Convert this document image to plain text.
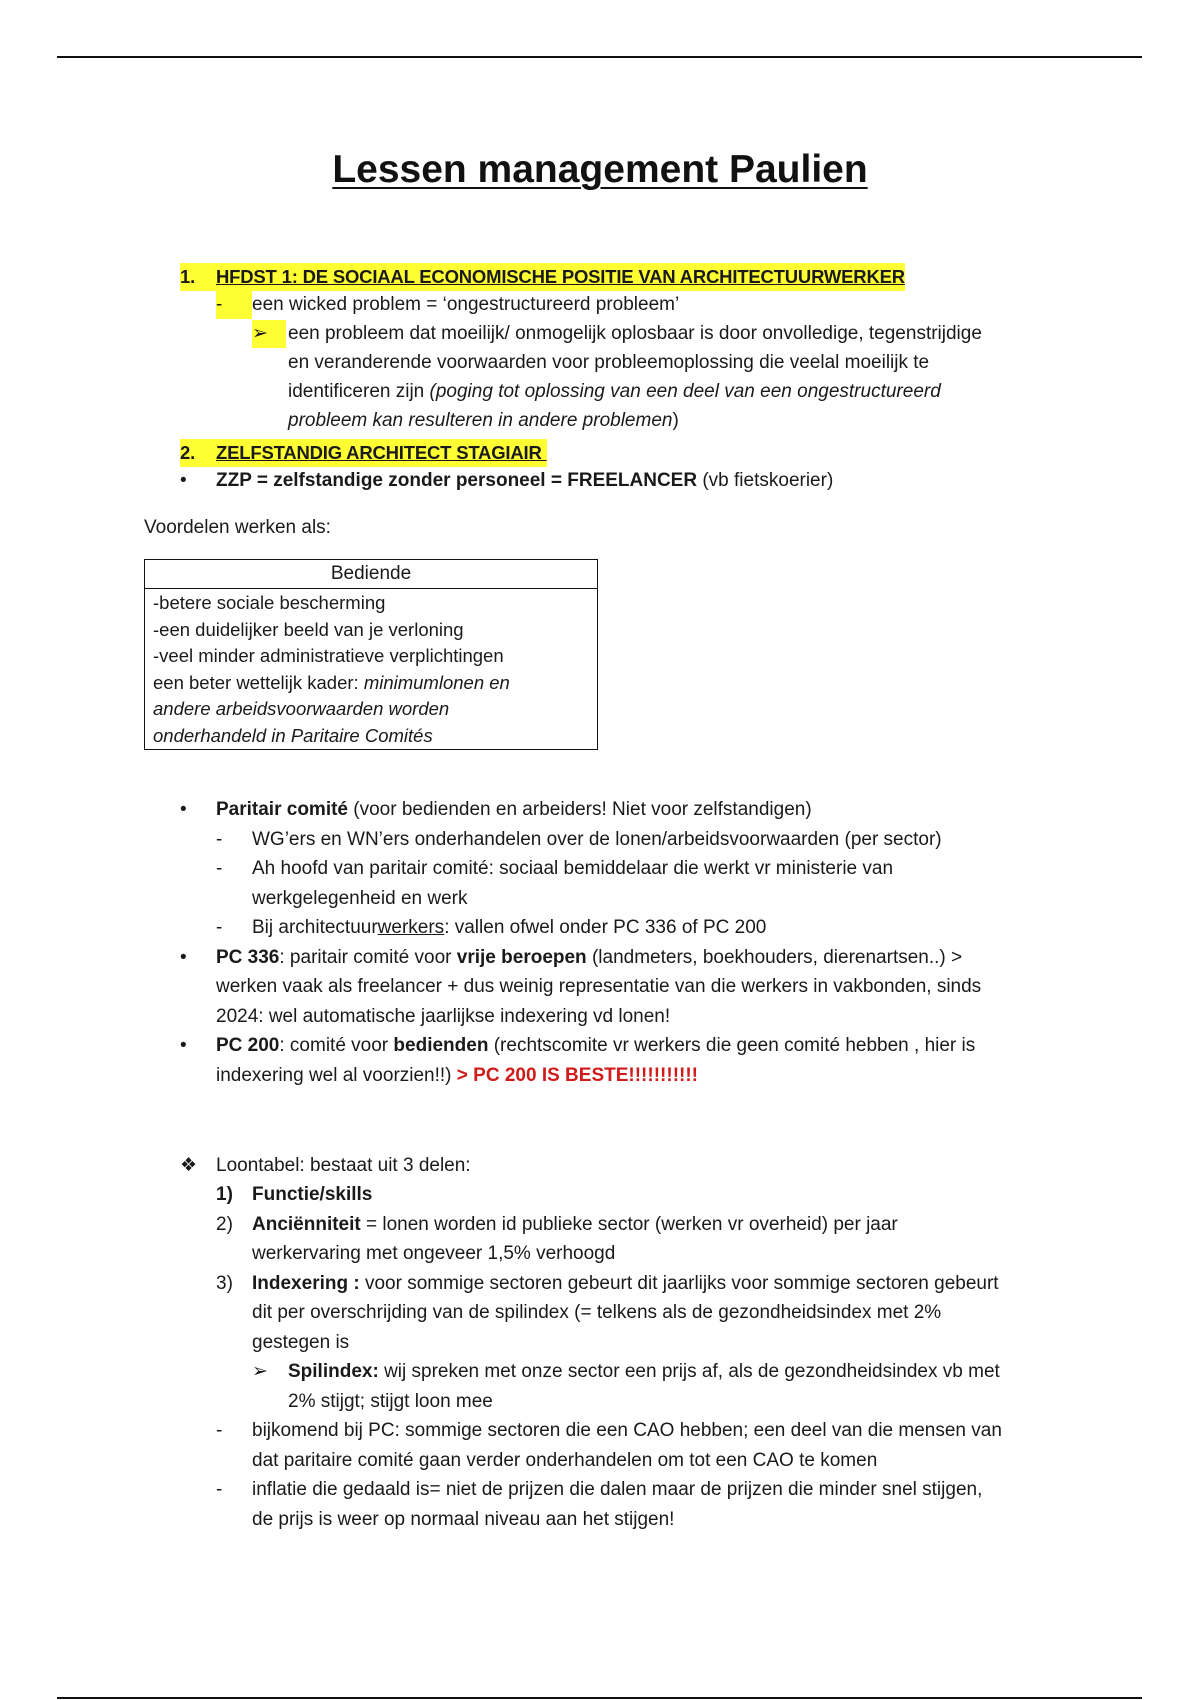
Lessen management Paulien
1. HFDST 1: DE SOCIAAL ECONOMISCHE POSITIE VAN ARCHITECTUURWERKER
-	een wicked problem = ‘ongestructureerd probleem’
➢	een probleem dat moeilijk/ onmogelijk oplosbaar is door onvolledige, tegenstrijdige
en veranderende voorwaarden voor probleemoplossing die veelal moeilijk te
identificeren zijn (poging tot oplossing van een deel van een ongestructureerd
probleem kan resulteren in andere problemen)
2. ZELFSTANDIG ARCHITECT STAGIAIR
• ZZP = zelfstandige zonder personeel = FREELANCER (vb fietskoerier)
Voordelen werken als:
Bediende
-betere sociale bescherming
-een duidelijker beeld van je verloning
-veel minder administratieve verplichtingen
een beter wettelijk kader: minimumlonen en
andere arbeidsvoorwaarden worden
onderhandeld in Paritaire Comités
• Paritair comité (voor bedienden en arbeiders! Niet voor zelfstandigen)
- WG’ers en WN’ers onderhandelen over de lonen/arbeidsvoorwaarden (per sector)
- Ah hoofd van paritair comité: sociaal bemiddelaar die werkt vr ministerie van
werkgelegenheid en werk
- Bij architectuurwerkers: vallen ofwel onder PC 336 of PC 200
• PC 336: paritair comité voor vrije beroepen (landmeters, boekhouders, dierenartsen..) >
werken vaak als freelancer + dus weinig representatie van die werkers in vakbonden, sinds
2024: wel automatische jaarlijkse indexering vd lonen!
• PC 200: comité voor bedienden (rechtscomite vr werkers die geen comité hebben , hier is
indexering wel al voorzien!!) > PC 200 IS BESTE!!!!!!!!!!!
❖ Loontabel: bestaat uit 3 delen:
1) Functie/skills
2) Anciënniteit = lonen worden id publieke sector (werken vr overheid) per jaar
werkervaring met ongeveer 1,5% verhoogd
3) Indexering : voor sommige sectoren gebeurt dit jaarlijks voor sommige sectoren gebeurt
dit per overschrijding van de spilindex (= telkens als de gezondheidsindex met 2%
gestegen is
➢ Spilindex: wij spreken met onze sector een prijs af, als de gezondheidsindex vb met
2% stijgt; stijgt loon mee
- bijkomend bij PC: sommige sectoren die een CAO hebben; een deel van die mensen van
dat paritaire comité gaan verder onderhandelen om tot een CAO te komen
- inflatie die gedaald is= niet de prijzen die dalen maar de prijzen die minder snel stijgen,
de prijs is weer op normaal niveau aan het stijgen!
